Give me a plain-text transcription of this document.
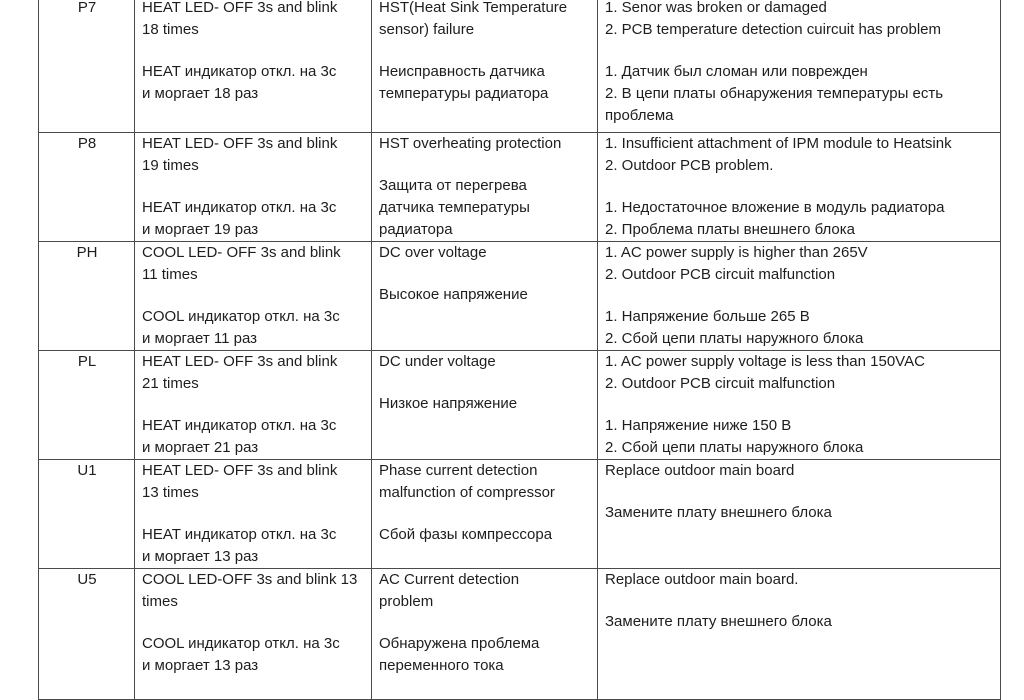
P7	HEAT LED- OFF 3s and blink
18 times
HEAT индикатор откл. на 3с
и моргает 18 раз	HST(Heat Sink Temperature
sensor) failure
Неисправность датчика
температуры радиатора	1. Senor was broken or damaged
2. PCB temperature detection cuircuit has problem
1. Датчик был сломан или поврежден
2. В цепи платы обнаружения температуры есть
проблема
P8	HEAT LED- OFF 3s and blink
19 times
HEAT индикатор откл. на 3с
и моргает 19 раз	HST overheating protection
Защита от перегрева
датчика температуры
радиатора	1. Insufficient attachment of IPM module to Heatsink
2. Outdoor PCB problem.
1. Недостаточное вложение в модуль радиатора
2. Проблема платы внешнего блока
PH	COOL LED- OFF 3s and blink
11 times
COOL индикатор откл. на 3с
и моргает 11 раз	DC over voltage
Высокое напряжение	1. AC power supply is higher than 265V
2. Outdoor PCB circuit malfunction
1. Напряжение больше 265 В
2. Сбой цепи платы наружного блока
PL	HEAT LED- OFF 3s and blink
21 times
HEAT индикатор откл. на 3с
и моргает 21 раз	DC under voltage
Низкое напряжение	1. AC power supply voltage is less than 150VAC
2. Outdoor PCB circuit malfunction
1. Напряжение ниже 150 В
2. Сбой цепи платы наружного блока
U1	HEAT LED- OFF 3s and blink
13 times
HEAT индикатор откл. на 3с
и моргает 13 раз	Phase current detection
malfunction of compressor
Сбой фазы компрессора	Replace outdoor main board
Замените плату внешнего блока
U5	COOL LED-OFF 3s and blink 13
times
COOL индикатор откл. на 3с
и моргает 13 раз	AC Current detection
problem
Обнаружена проблема
переменного тока	Replace outdoor main board.
Замените плату внешнего блока
